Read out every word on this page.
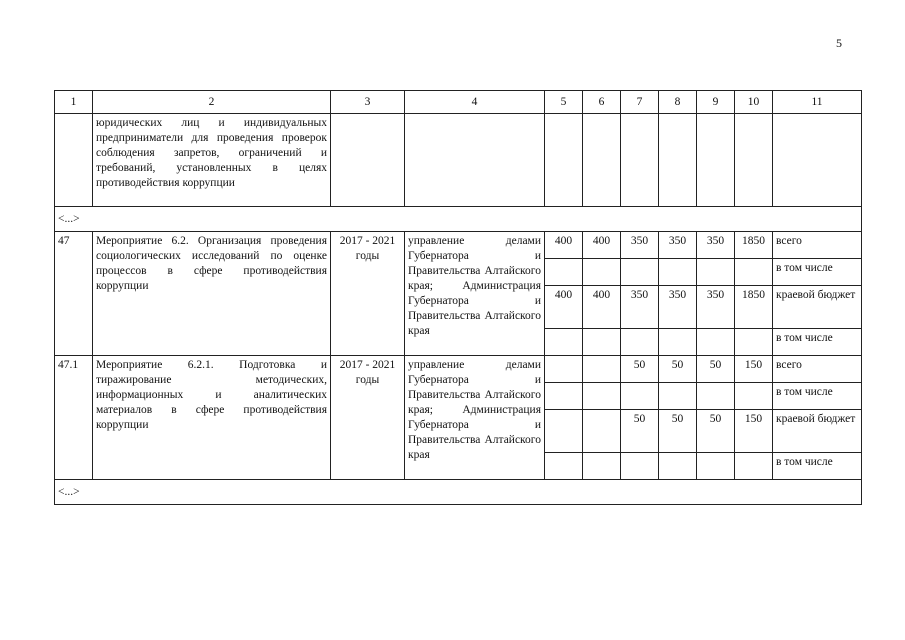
5
1	2	3	4	5	6	7	8	9	10	11
	юридических лиц и индивидуальных предприниматели для проведения проверок соблюдения запретов, ограничений и требований, установленных в целях противодействия коррупции									
<...>										
47	Мероприятие 6.2. Организация проведения социологических исследований по оценке процессов в сфере противодействия коррупции	2017 - 2021 годы	управление делами Губернатора и Правительства Алтайского края; Администрация Губернатора и Правительства Алтайского края	400	400	350	350	350	1850	всего
										в том числе
				400	400	350	350	350	1850	краевой бюджет
										в том числе
47.1	Мероприятие 6.2.1. Подготовка и тиражирование методических, информационных и аналитических материалов в сфере противодействия коррупции	2017 - 2021 годы	управление делами Губернатора и Правительства Алтайского края; Администрация Губернатора и Правительства Алтайского края			50	50	50	150	всего
										в том числе
						50	50	50	150	краевой бюджет
										в том числе
<...>										
